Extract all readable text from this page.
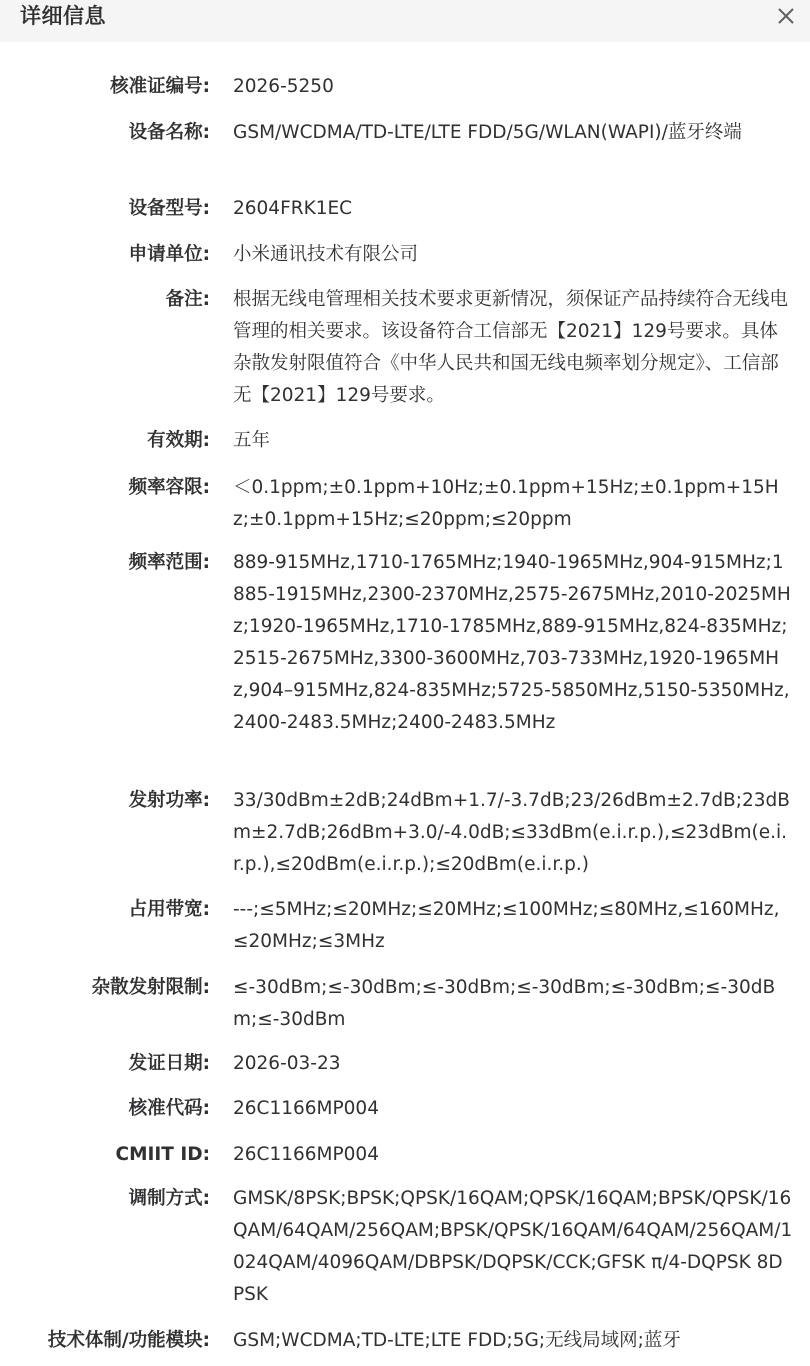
详细信息
核准证编号: 2026-5250
设备名称: GSM/WCDMA/TD-LTE/LTE FDD/5G/WLAN(WAPI)/蓝牙终端
设备型号: 2604FRK1EC
申请单位: 小米通讯技术有限公司
备注: 根据无线电管理相关技术要求更新情况，须保证产品持续符合无线电管理的相关要求。该设备符合工信部无【2021】129号要求。具体杂散发射限值符合《中华人民共和国无线电频率划分规定》、工信部无【2021】129号要求。
有效期: 五年
频率容限: ＜0.1ppm;±0.1ppm+10Hz;±0.1ppm+15Hz;±0.1ppm+15Hz;±0.1ppm+15Hz;≤20ppm;≤20ppm
频率范围: 889-915MHz,1710-1765MHz;1940-1965MHz,904-915MHz;1885-1915MHz,2300-2370MHz,2575-2675MHz,2010-2025MHz;1920-1965MHz,1710-1785MHz,889-915MHz,824-835MHz;2515-2675MHz,3300-3600MHz,703-733MHz,1920-1965MHz,904–915MHz,824-835MHz;5725-5850MHz,5150-5350MHz,2400-2483.5MHz;2400-2483.5MHz
发射功率: 33/30dBm±2dB;24dBm+1.7/-3.7dB;23/26dBm±2.7dB;23dBm±2.7dB;26dBm+3.0/-4.0dB;≤33dBm(e.i.r.p.),≤23dBm(e.i.r.p.),≤20dBm(e.i.r.p.);≤20dBm(e.i.r.p.)
占用带宽: ---;≤5MHz;≤20MHz;≤20MHz;≤100MHz;≤80MHz,≤160MHz,≤20MHz;≤3MHz
杂散发射限制: ≤-30dBm;≤-30dBm;≤-30dBm;≤-30dBm;≤-30dBm;≤-30dBm;≤-30dBm
发证日期: 2026-03-23
核准代码: 26C1166MP004
CMIIT ID: 26C1166MP004
调制方式: GMSK/8PSK;BPSK;QPSK/16QAM;QPSK/16QAM;BPSK/QPSK/16QAM/64QAM/256QAM;BPSK/QPSK/16QAM/64QAM/256QAM/1024QAM/4096QAM/DBPSK/DQPSK/CCK;GFSK π/4-DQPSK 8DPSK
技术体制/功能模块: GSM;WCDMA;TD-LTE;LTE FDD;5G;无线局域网;蓝牙
